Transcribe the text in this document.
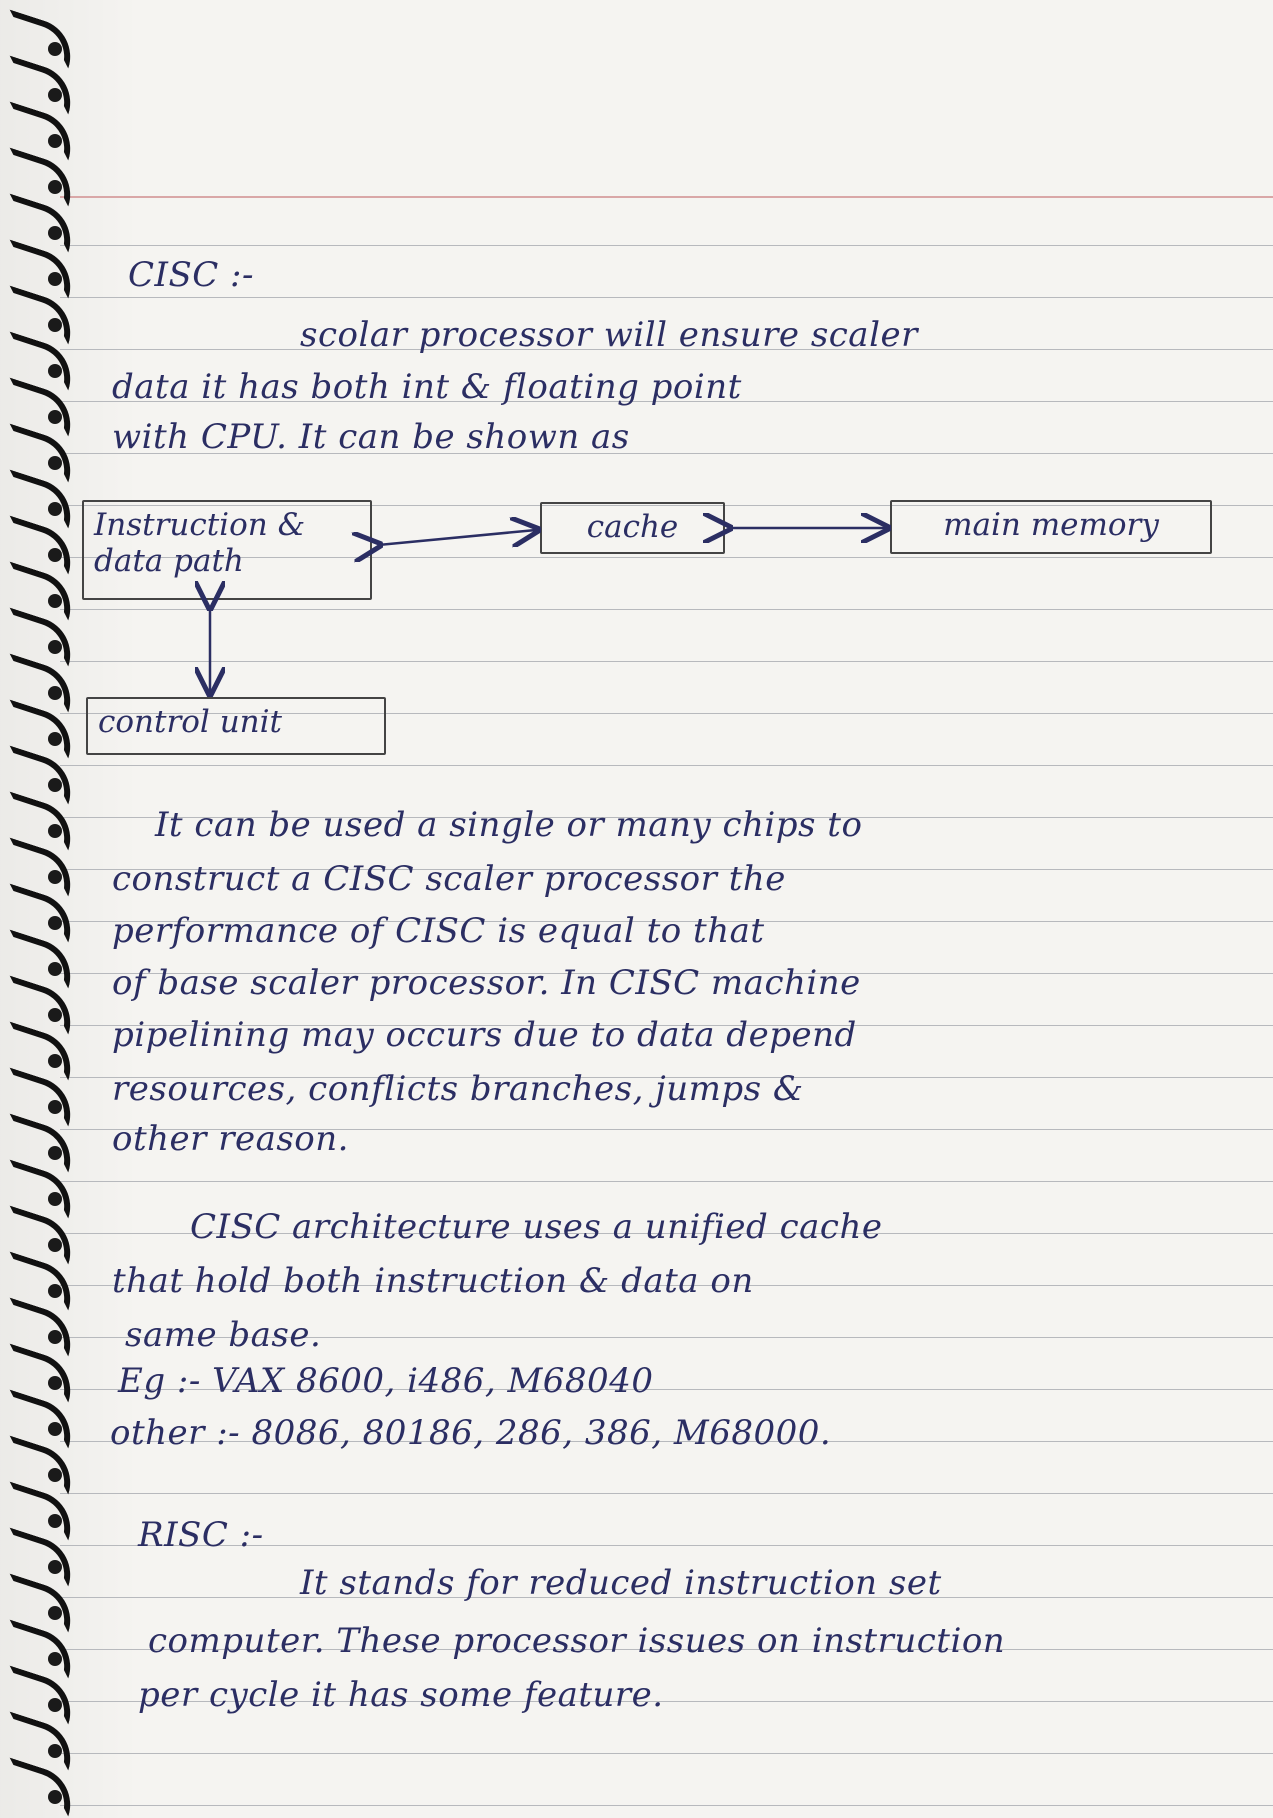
CISC :-
scolar processor will ensure scaler
data it has both int & floating point
with CPU. It can be shown as
Instruction & data path
cache	main memory
control unit
It can be used a single or many chips to
construct a CISC scaler processor the
performance of CISC is equal to that
of base scaler processor. In CISC machine
pipelining may occurs due to data depend
resources, conflicts branches, jumps &
other reason.
CISC architecture uses a unified cache
that hold both instruction & data on
same base.
Eg :- VAX 8600, i486, M68040
other :- 8086, 80186, 286, 386, M68000.
RISC :-
It stands for reduced instruction set
computer. These processor issues on instruction
per cycle it has some feature.
